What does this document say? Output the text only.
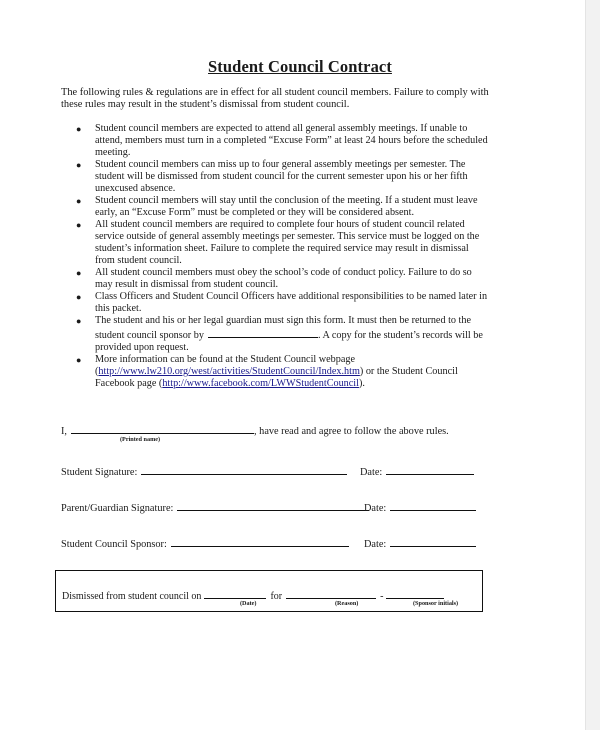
Student Council Contract
The following rules & regulations are in effect for all student council members. Failure to comply with
these rules may result in the student’s dismissal from student council.
● Student council members are expected to attend all general assembly meetings. If unable to
attend, members must turn in a completed “Excuse Form” at least 24 hours before the scheduled
meeting.
● Student council members can miss up to four general assembly meetings per semester. The
student will be dismissed from student council for the current semester upon his or her fifth
unexcused absence.
● Student council members will stay until the conclusion of the meeting. If a student must leave
early, an “Excuse Form” must be completed or they will be considered absent.
● All student council members are required to complete four hours of student council related
service outside of general assembly meetings per semester. This service must be logged on the
student’s information sheet. Failure to complete the required service may result in dismissal
from student council.
● All student council members must obey the school’s code of conduct policy. Failure to do so
may result in dismissal from student council.
● Class Officers and Student Council Officers have additional responsibilities to be named later in
this packet.
● The student and his or her legal guardian must sign this form. It must then be returned to the
student council sponsor by	. A copy for the student’s records will be
provided upon request.
● More information can be found at the Student Council webpage
(http://www.lw210.org/west/activities/StudentCouncil/Index.htm) or the Student Council
Facebook page (http://www.facebook.com/LWWStudentCouncil).
I,	, have read and agree to follow the above rules.
(Printed name)
Student Signature:	Date:
Parent/Guardian Signature:	Date:
Student Council Sponsor:	Date:
Dismissed from student council on	for	-
(Date)	(Reason)	(Sponsor initials)
